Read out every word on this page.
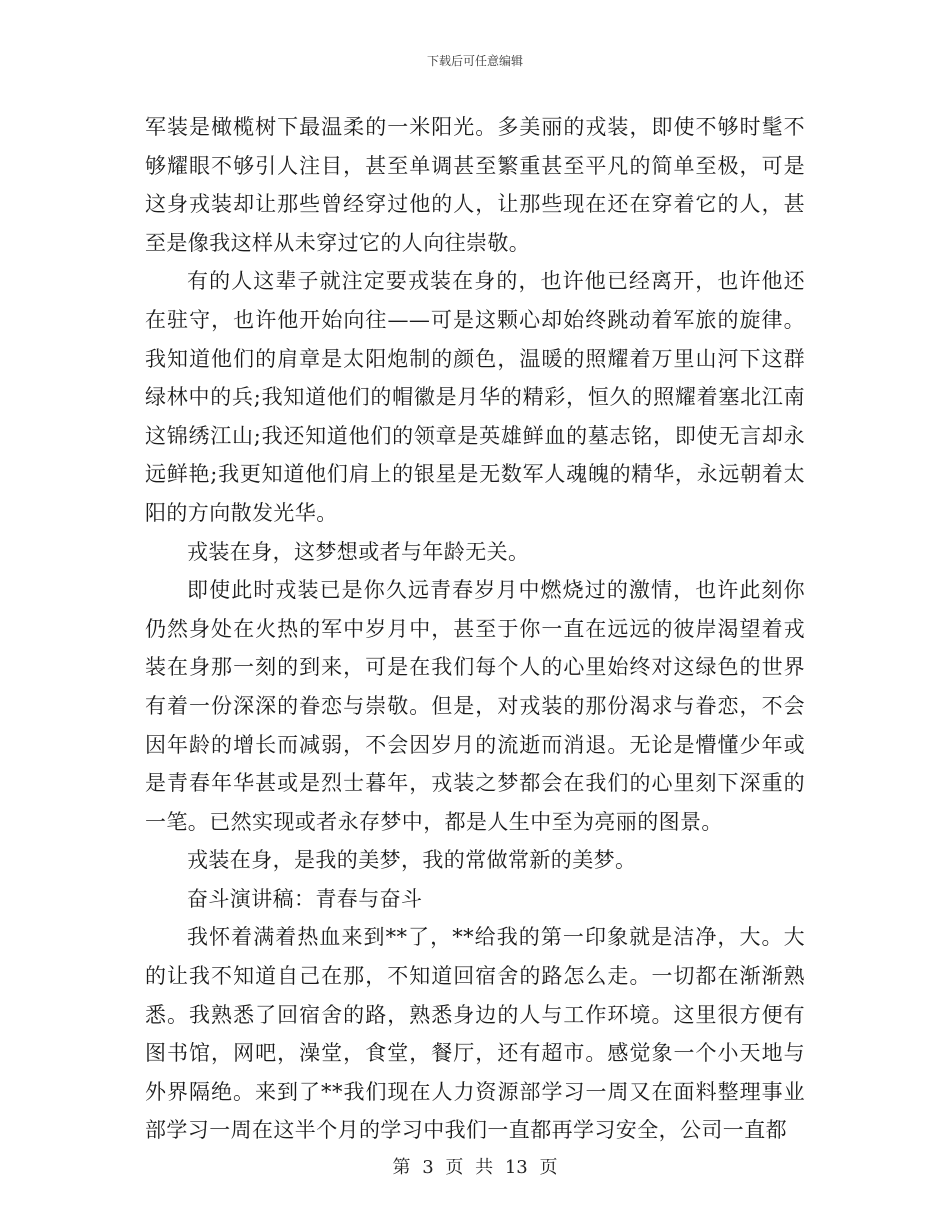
下载后可任意编辑

军装是橄榄树下最温柔的一米阳光。多美丽的戎装，即使不够时髦不够耀眼不够引人注目，甚至单调甚至繁重甚至平凡的简单至极，可是这身戎装却让那些曾经穿过他的人，让那些现在还在穿着它的人，甚至是像我这样从未穿过它的人向往崇敬。

有的人这辈子就注定要戎装在身的，也许他已经离开，也许他还在驻守，也许他开始向往——可是这颗心却始终跳动着军旅的旋律。我知道他们的肩章是太阳炮制的颜色，温暖的照耀着万里山河下这群绿林中的兵;我知道他们的帽徽是月华的精彩，恒久的照耀着塞北江南这锦绣江山;我还知道他们的领章是英雄鲜血的墓志铭，即使无言却永远鲜艳;我更知道他们肩上的银星是无数军人魂魄的精华，永远朝着太阳的方向散发光华。

戎装在身，这梦想或者与年龄无关。

即使此时戎装已是你久远青春岁月中燃烧过的激情，也许此刻你仍然身处在火热的军中岁月中，甚至于你一直在远远的彼岸渴望着戎装在身那一刻的到来，可是在我们每个人的心里始终对这绿色的世界有着一份深深的眷恋与崇敬。但是，对戎装的那份渴求与眷恋，不会因年龄的增长而减弱，不会因岁月的流逝而消退。无论是懵懂少年或是青春年华甚或是烈士暮年，戎装之梦都会在我们的心里刻下深重的一笔。已然实现或者永存梦中，都是人生中至为亮丽的图景。

戎装在身，是我的美梦，我的常做常新的美梦。

奋斗演讲稿：青春与奋斗

我怀着满着热血来到**了，**给我的第一印象就是洁净，大。大的让我不知道自己在那，不知道回宿舍的路怎么走。一切都在渐渐熟悉。我熟悉了回宿舍的路，熟悉身边的人与工作环境。这里很方便有图书馆，网吧，澡堂，食堂，餐厅，还有超市。感觉象一个小天地与外界隔绝。来到了**我们现在人力资源部学习一周又在面料整理事业部学习一周在这半个月的学习中我们一直都再学习安全，公司一直都

第 3 页 共 13 页
